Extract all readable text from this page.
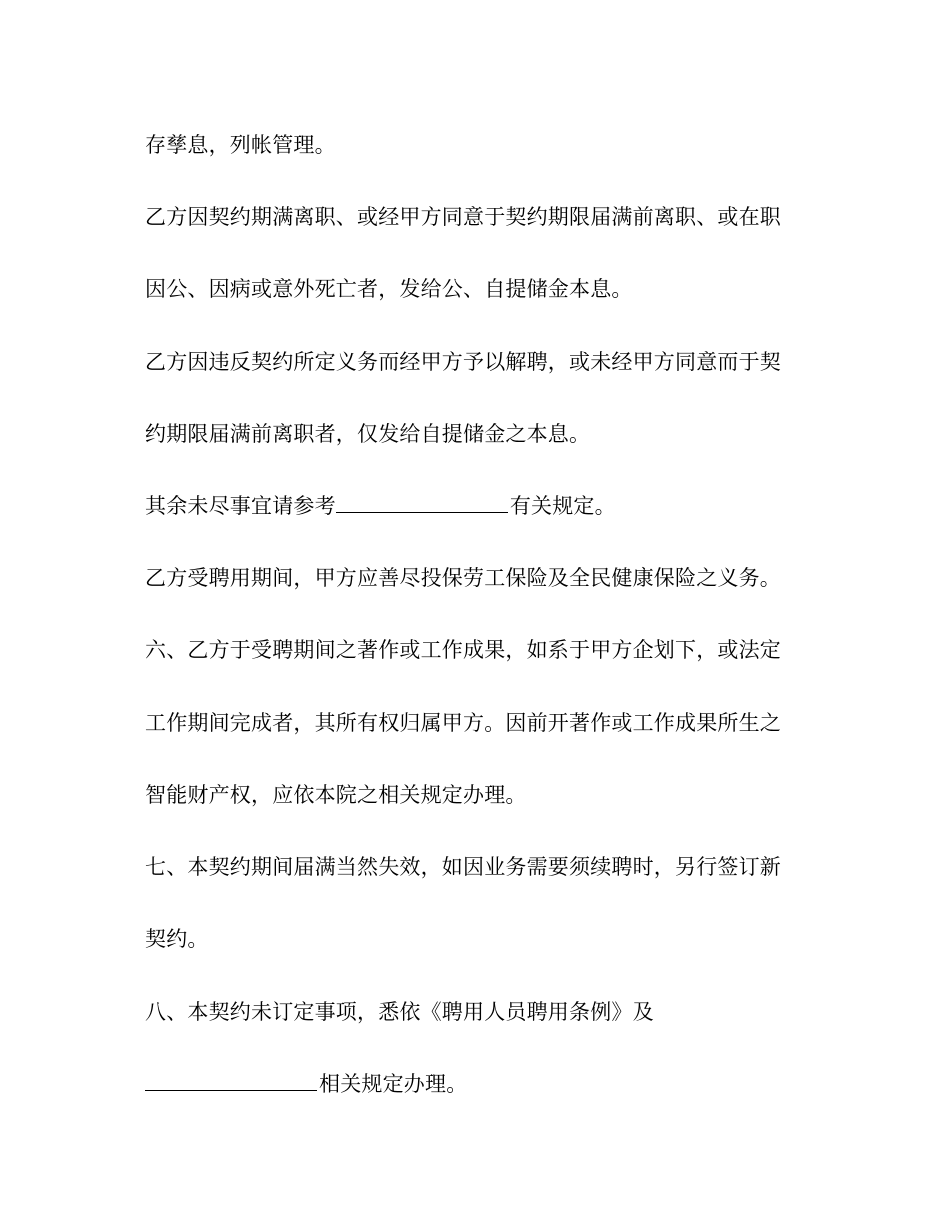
存孳息，列帐管理。
乙方因契约期满离职、或经甲方同意于契约期限届满前离职、或在职
因公、因病或意外死亡者，发给公、自提储金本息。
乙方因违反契约所定义务而经甲方予以解聘，或未经甲方同意而于契
约期限届满前离职者，仅发给自提储金之本息。
其余未尽事宜请参考	有关规定。
乙方受聘用期间，甲方应善尽投保劳工保险及全民健康保险之义务。
六、乙方于受聘期间之著作或工作成果，如系于甲方企划下，或法定
工作期间完成者，其所有权归属甲方。因前开著作或工作成果所生之
智能财产权，应依本院之相关规定办理。
七、本契约期间届满当然失效，如因业务需要须续聘时，另行签订新
契约。
八、本契约未订定事项，悉依《聘用人员聘用条例》及
相关规定办理。
